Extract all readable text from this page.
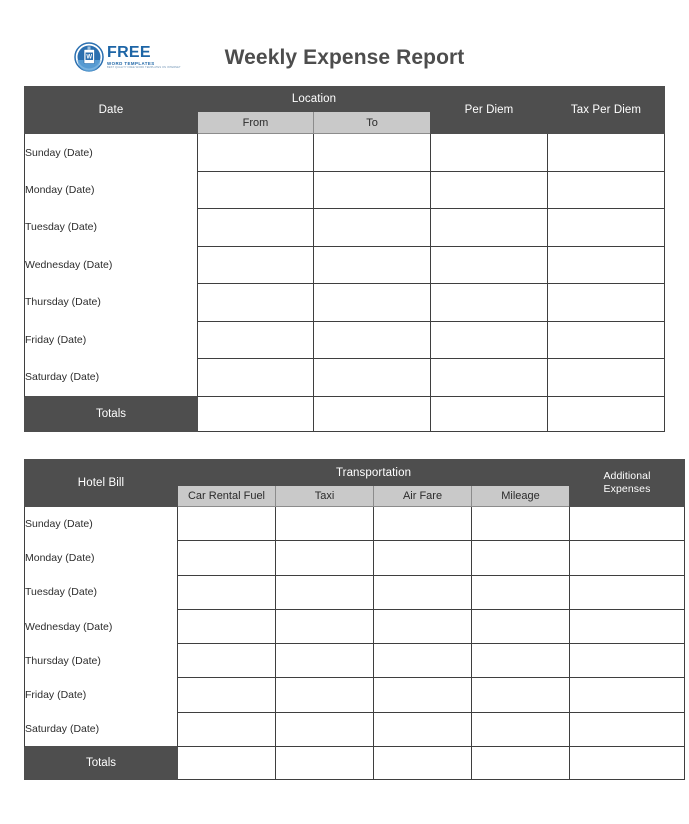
W FREE
WORD TEMPLATES
BEST QUALITY FREE WORD TEMPLATES ON INTERNET	Weekly Expense Report
Date	Location		Per Diem	Tax Per Diem
	From	To		
Sunday (Date)				
Monday (Date)				
Tuesday (Date)				
Wednesday (Date)				
Thursday (Date)				
Friday (Date)				
Saturday (Date)				
Totals				
Hotel Bill	Transportation				Additional
Expenses
	Car Rental Fuel	Taxi	Air Fare	Mileage	
Sunday (Date)					
Monday (Date)					
Tuesday (Date)					
Wednesday (Date)					
Thursday (Date)					
Friday (Date)					
Saturday (Date)					
Totals					
